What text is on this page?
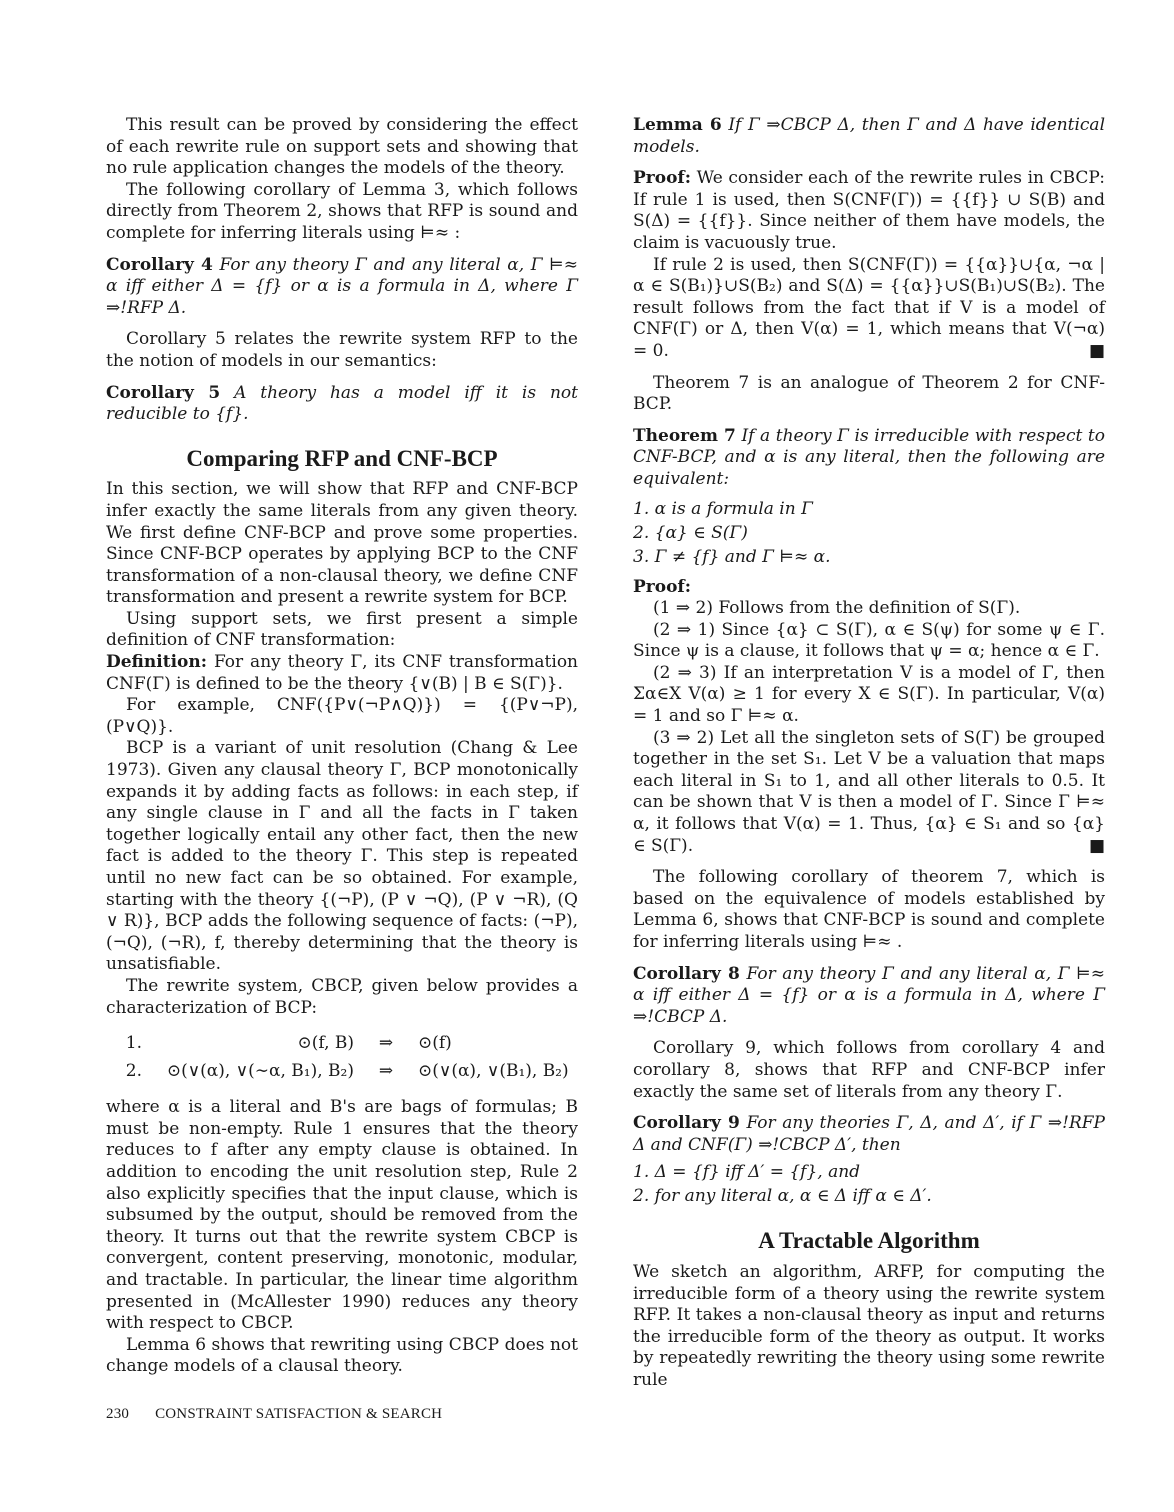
This result can be proved by considering the effect of each rewrite rule on support sets and showing that no rule application changes the models of the theory.

The following corollary of Lemma 3, which follows directly from Theorem 2, shows that RFP is sound and complete for inferring literals using ⊨≈ :

Corollary 4 For any theory Γ and any literal α, Γ ⊨≈ α iff either Δ = {f} or α is a formula in Δ, where Γ ⇒!RFP Δ.

Corollary 5 relates the rewrite system RFP to the the notion of models in our semantics:

Corollary 5 A theory has a model iff it is not reducible to {f}.
Comparing RFP and CNF-BCP

In this section, we will show that RFP and CNF-BCP infer exactly the same literals from any given theory. We first define CNF-BCP and prove some properties. Since CNF-BCP operates by applying BCP to the CNF transformation of a non-clausal theory, we define CNF transformation and present a rewrite system for BCP.

Using support sets, we first present a simple definition of CNF transformation:

Definition: For any theory Γ, its CNF transformation CNF(Γ) is defined to be the theory {∨(B) | B ∈ S(Γ)}.

For example, CNF({P∨(¬P∧Q)}) = {(P∨¬P), (P∨Q)}.

BCP is a variant of unit resolution (Chang & Lee 1973). Given any clausal theory Γ, BCP monotonically expands it by adding facts as follows: in each step, if any single clause in Γ and all the facts in Γ taken together logically entail any other fact, then the new fact is added to the theory Γ. This step is repeated until no new fact can be so obtained. For example, starting with the theory {(¬P), (P ∨ ¬Q), (P ∨ ¬R), (Q ∨ R)}, BCP adds the following sequence of facts: (¬P), (¬Q), (¬R), f, thereby determining that the theory is unsatisfiable.

The rewrite system, CBCP, given below provides a characterization of BCP:

1.	⊙(f, B)	⇒	⊙(f)
2.	⊙(∨(α), ∨(∼α, B₁), B₂)	⇒	⊙(∨(α), ∨(B₁), B₂)

where α is a literal and B's are bags of formulas; B must be non-empty. Rule 1 ensures that the theory reduces to f after any empty clause is obtained. In addition to encoding the unit resolution step, Rule 2 also explicitly specifies that the input clause, which is subsumed by the output, should be removed from the theory. It turns out that the rewrite system CBCP is convergent, content preserving, monotonic, modular, and tractable. In particular, the linear time algorithm presented in (McAllester 1990) reduces any theory with respect to CBCP.

Lemma 6 shows that rewriting using CBCP does not change models of a clausal theory.

Lemma 6 If Γ ⇒CBCP Δ, then Γ and Δ have identical models.

Proof: We consider each of the rewrite rules in CBCP: If rule 1 is used, then S(CNF(Γ)) = {{f}} ∪ S(B) and S(Δ) = {{f}}. Since neither of them have models, the claim is vacuously true.

If rule 2 is used, then S(CNF(Γ)) = {{α}}∪{α, ¬α | α ∈ S(B₁)}∪S(B₂) and S(Δ) = {{α}}∪S(B₁)∪S(B₂). The result follows from the fact that if V is a model of CNF(Γ) or Δ, then V(α) = 1, which means that V(¬α) = 0.	■

Theorem 7 is an analogue of Theorem 2 for CNF-BCP.

Theorem 7 If a theory Γ is irreducible with respect to CNF-BCP, and α is any literal, then the following are equivalent:
1. α is a formula in Γ
2. {α} ∈ S(Γ)
3. Γ ≠ {f} and Γ ⊨≈ α.

Proof:

(1 ⇒ 2) Follows from the definition of S(Γ).

(2 ⇒ 1) Since {α} ⊂ S(Γ), α ∈ S(ψ) for some ψ ∈ Γ. Since ψ is a clause, it follows that ψ = α; hence α ∈ Γ.

(2 ⇒ 3) If an interpretation V is a model of Γ, then Σα∈X V(α) ≥ 1 for every X ∈ S(Γ). In particular, V(α) = 1 and so Γ ⊨≈ α.

(3 ⇒ 2) Let all the singleton sets of S(Γ) be grouped together in the set S₁. Let V be a valuation that maps each literal in S₁ to 1, and all other literals to 0.5. It can be shown that V is then a model of Γ. Since Γ ⊨≈ α, it follows that V(α) = 1. Thus, {α} ∈ S₁ and so {α} ∈ S(Γ).	■

The following corollary of theorem 7, which is based on the equivalence of models established by Lemma 6, shows that CNF-BCP is sound and complete for inferring literals using ⊨≈ .

Corollary 8 For any theory Γ and any literal α, Γ ⊨≈ α iff either Δ = {f} or α is a formula in Δ, where Γ ⇒!CBCP Δ.

Corollary 9, which follows from corollary 4 and corollary 8, shows that RFP and CNF-BCP infer exactly the same set of literals from any theory Γ.

Corollary 9 For any theories Γ, Δ, and Δ′, if Γ ⇒!RFP Δ and CNF(Γ) ⇒!CBCP Δ′, then
1. Δ = {f} iff Δ′ = {f}, and
2. for any literal α, α ∈ Δ iff α ∈ Δ′.
A Tractable Algorithm

We sketch an algorithm, ARFP, for computing the irreducible form of a theory using the rewrite system RFP. It takes a non-clausal theory as input and returns the irreducible form of the theory as output. It works by repeatedly rewriting the theory using some rewrite rule

230 CONSTRAINT SATISFACTION & SEARCH
